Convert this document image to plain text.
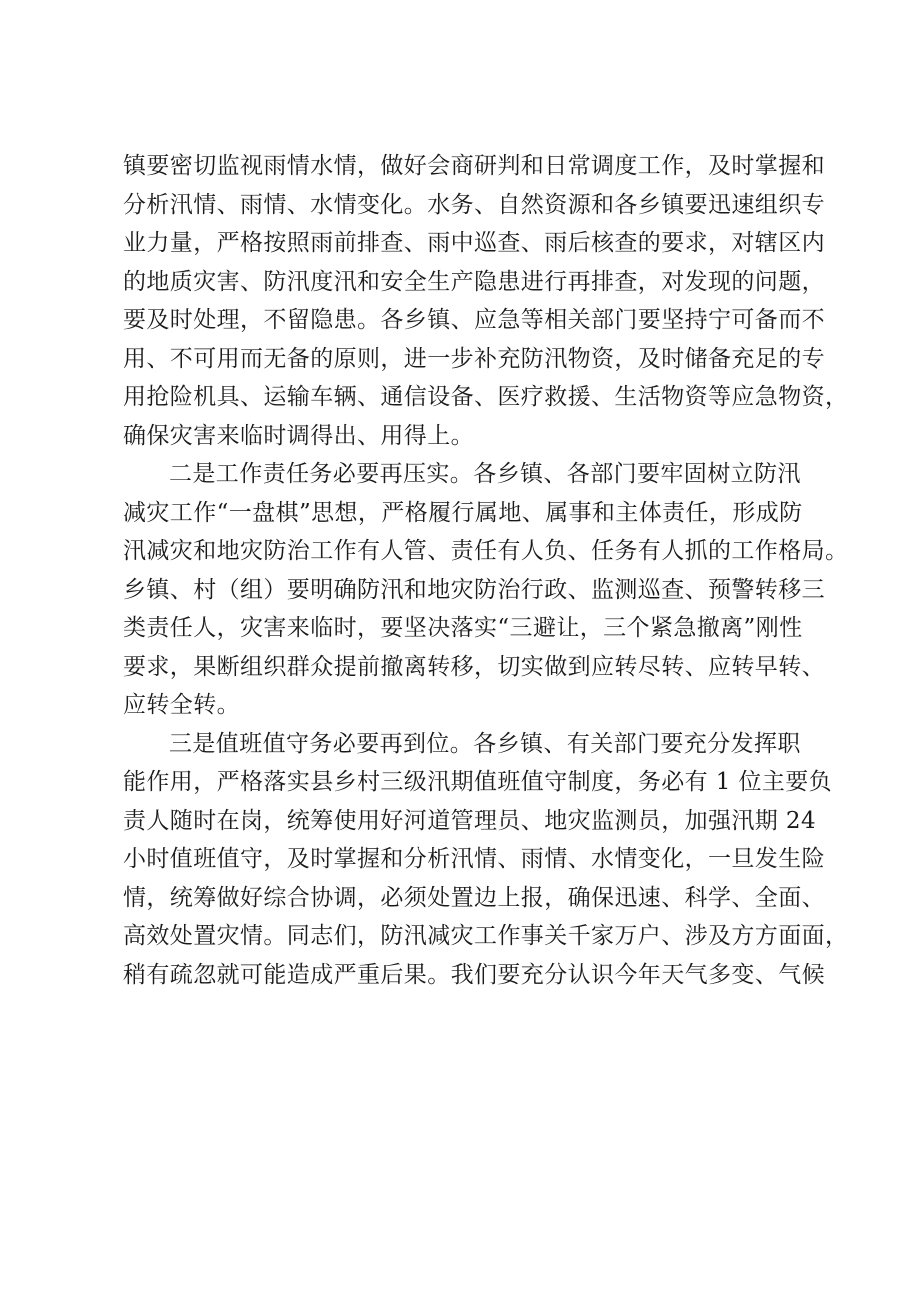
镇要密切监视雨情水情，做好会商研判和日常调度工作，及时掌握和
分析汛情、雨情、水情变化。水务、自然资源和各乡镇要迅速组织专
业力量，严格按照雨前排查、雨中巡查、雨后核查的要求，对辖区内
的地质灾害、防汛度汛和安全生产隐患进行再排查，对发现的问题，
要及时处理，不留隐患。各乡镇、应急等相关部门要坚持宁可备而不
用、不可用而无备的原则，进一步补充防汛物资，及时储备充足的专
用抢险机具、运输车辆、通信设备、医疗救援、生活物资等应急物资，
确保灾害来临时调得出、用得上。
二是工作责任务必要再压实。各乡镇、各部门要牢固树立防汛
减灾工作“一盘棋”思想，严格履行属地、属事和主体责任，形成防
汛减灾和地灾防治工作有人管、责任有人负、任务有人抓的工作格局。
乡镇、村（组）要明确防汛和地灾防治行政、监测巡查、预警转移三
类责任人，灾害来临时，要坚决落实“三避让，三个紧急撤离”刚性
要求，果断组织群众提前撤离转移，切实做到应转尽转、应转早转、
应转全转。
三是值班值守务必要再到位。各乡镇、有关部门要充分发挥职
能作用，严格落实县乡村三级汛期值班值守制度，务必有 1 位主要负
责人随时在岗，统筹使用好河道管理员、地灾监测员，加强汛期 24
小时值班值守，及时掌握和分析汛情、雨情、水情变化，一旦发生险
情，统筹做好综合协调，必须处置边上报，确保迅速、科学、全面、
高效处置灾情。同志们，防汛减灾工作事关千家万户、涉及方方面面，
稍有疏忽就可能造成严重后果。我们要充分认识今年天气多变、气候
